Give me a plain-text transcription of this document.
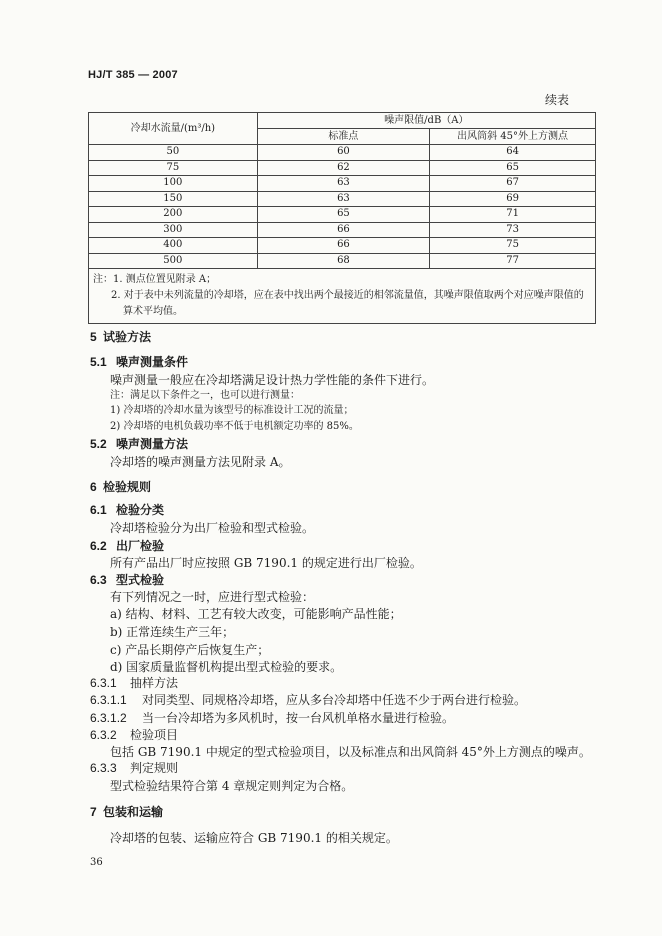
HJ/T 385 — 2007
续表
冷却水流量/(m³/h)	噪声限值/dB（A）	
	标准点	出风筒斜 45°外上方测点
50	60	64
75	62	65
100	63	67
150	63	69
200	65	71
300	66	73
400	66	75
500	68	77

注：1. 测点位置见附录 A；
2. 对于表中未列流量的冷却塔，应在表中找出两个最接近的相邻流量值，其噪声限值取两个对应噪声限值的
算术平均值。		
5 试验方法
5.1 噪声测量条件
噪声测量一般应在冷却塔满足设计热力学性能的条件下进行。
注：满足以下条件之一，也可以进行测量：
1) 冷却塔的冷却水量为该型号的标准设计工况的流量；
2) 冷却塔的电机负载功率不低于电机额定功率的 85%。
5.2 噪声测量方法
冷却塔的噪声测量方法见附录 A。
6 检验规则
6.1 检验分类
冷却塔检验分为出厂检验和型式检验。
6.2 出厂检验
所有产品出厂时应按照 GB 7190.1 的规定进行出厂检验。
6.3 型式检验
有下列情况之一时，应进行型式检验：
a) 结构、材料、工艺有较大改变，可能影响产品性能；
b) 正常连续生产三年；
c) 产品长期停产后恢复生产；
d) 国家质量监督机构提出型式检验的要求。
6.3.1	抽样方法
6.3.1.1	对同类型、同规格冷却塔，应从多台冷却塔中任选不少于两台进行检验。
6.3.1.2	当一台冷却塔为多风机时，按一台风机单格水量进行检验。
6.3.2	检验项目
包括 GB 7190.1 中规定的型式检验项目，以及标准点和出风筒斜 45°外上方测点的噪声。
6.3.3	判定规则
型式检验结果符合第 4 章规定则判定为合格。
7 包装和运输
冷却塔的包装、运输应符合 GB 7190.1 的相关规定。
36
